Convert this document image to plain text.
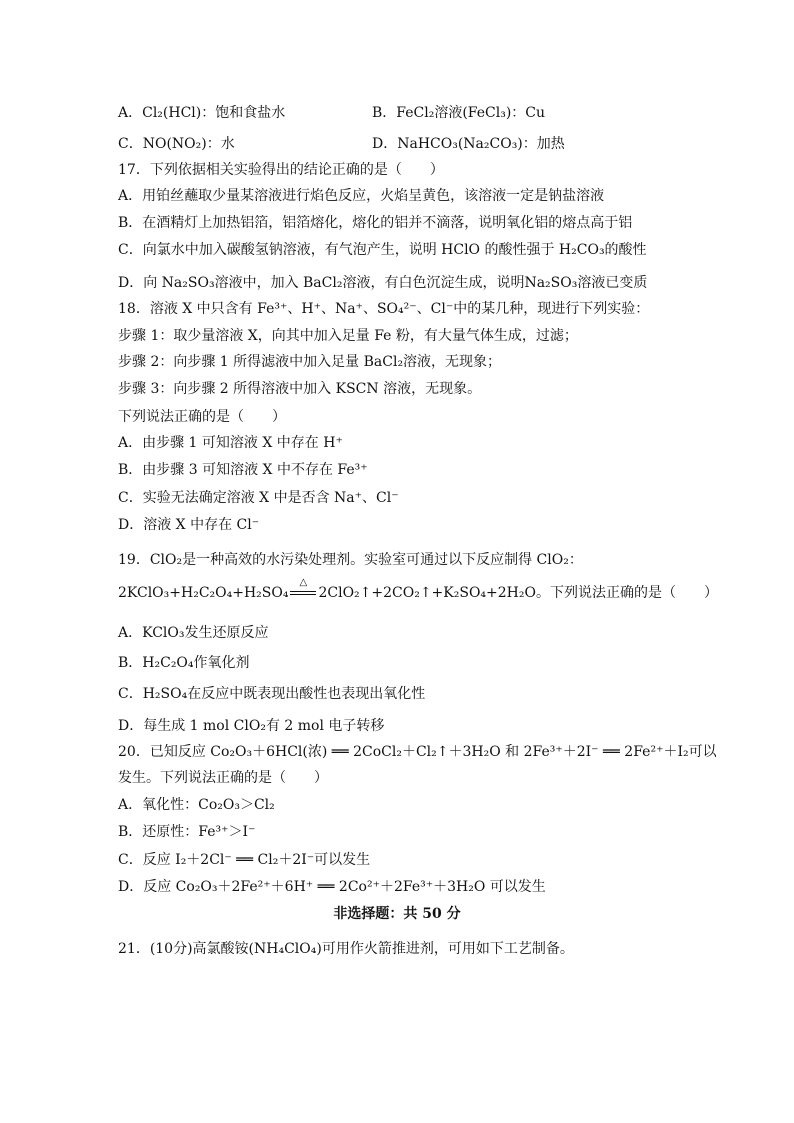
A．Cl₂(HCl)：饱和食盐水	B．FeCl₂溶液(FeCl₃)：Cu
C．NO(NO₂)：水	D．NaHCO₃(Na₂CO₃)：加热
17．下列依据相关实验得出的结论正确的是（　　）
A．用铂丝蘸取少量某溶液进行焰色反应，火焰呈黄色，该溶液一定是钠盐溶液
B．在酒精灯上加热铝箔，铝箔熔化，熔化的铝并不滴落，说明氧化铝的熔点高于铝
C．向氯水中加入碳酸氢钠溶液，有气泡产生，说明 HClO 的酸性强于 H₂CO₃的酸性
D．向 Na₂SO₃溶液中，加入 BaCl₂溶液，有白色沉淀生成，说明Na₂SO₃溶液已变质
18．溶液 X 中只含有 Fe³⁺、H⁺、Na⁺、SO₄²⁻、Cl⁻中的某几种，现进行下列实验：
步骤 1：取少量溶液 X，向其中加入足量 Fe 粉，有大量气体生成，过滤；
步骤 2：向步骤 1 所得滤液中加入足量 BaCl₂溶液，无现象；
步骤 3：向步骤 2 所得溶液中加入 KSCN 溶液，无现象。
下列说法正确的是（　　）
A．由步骤 1 可知溶液 X 中存在 H⁺
B．由步骤 3 可知溶液 X 中不存在 Fe³⁺
C．实验无法确定溶液 X 中是否含 Na⁺、Cl⁻
D．溶液 X 中存在 Cl⁻
19．ClO₂是一种高效的水污染处理剂。实验室可通过以下反应制得 ClO₂：
2KClO₃+H₂C₂O₄+H₂SO₄
△
2ClO₂↑+2CO₂↑+K₂SO₄+2H₂O。下列说法正确的是（　　）
A．KClO₃发生还原反应
B．H₂C₂O₄作氧化剂
C．H₂SO₄在反应中既表现出酸性也表现出氧化性
D．每生成 1 mol ClO₂有 2 mol 电子转移
20．已知反应 Co₂O₃＋6HCl(浓) ══ 2CoCl₂＋Cl₂↑＋3H₂O 和 2Fe³⁺＋2I⁻ ══ 2Fe²⁺＋I₂可以
发生。下列说法正确的是（　　）
A．氧化性：Co₂O₃＞Cl₂
B．还原性：Fe³⁺＞I⁻
C．反应 I₂＋2Cl⁻ ══ Cl₂＋2I⁻可以发生
D．反应 Co₂O₃＋2Fe²⁺＋6H⁺ ══ 2Co²⁺＋2Fe³⁺＋3H₂O 可以发生
非选择题：共 50 分
21．(10分)高氯酸铵(NH₄ClO₄)可用作火箭推进剂，可用如下工艺制备。
